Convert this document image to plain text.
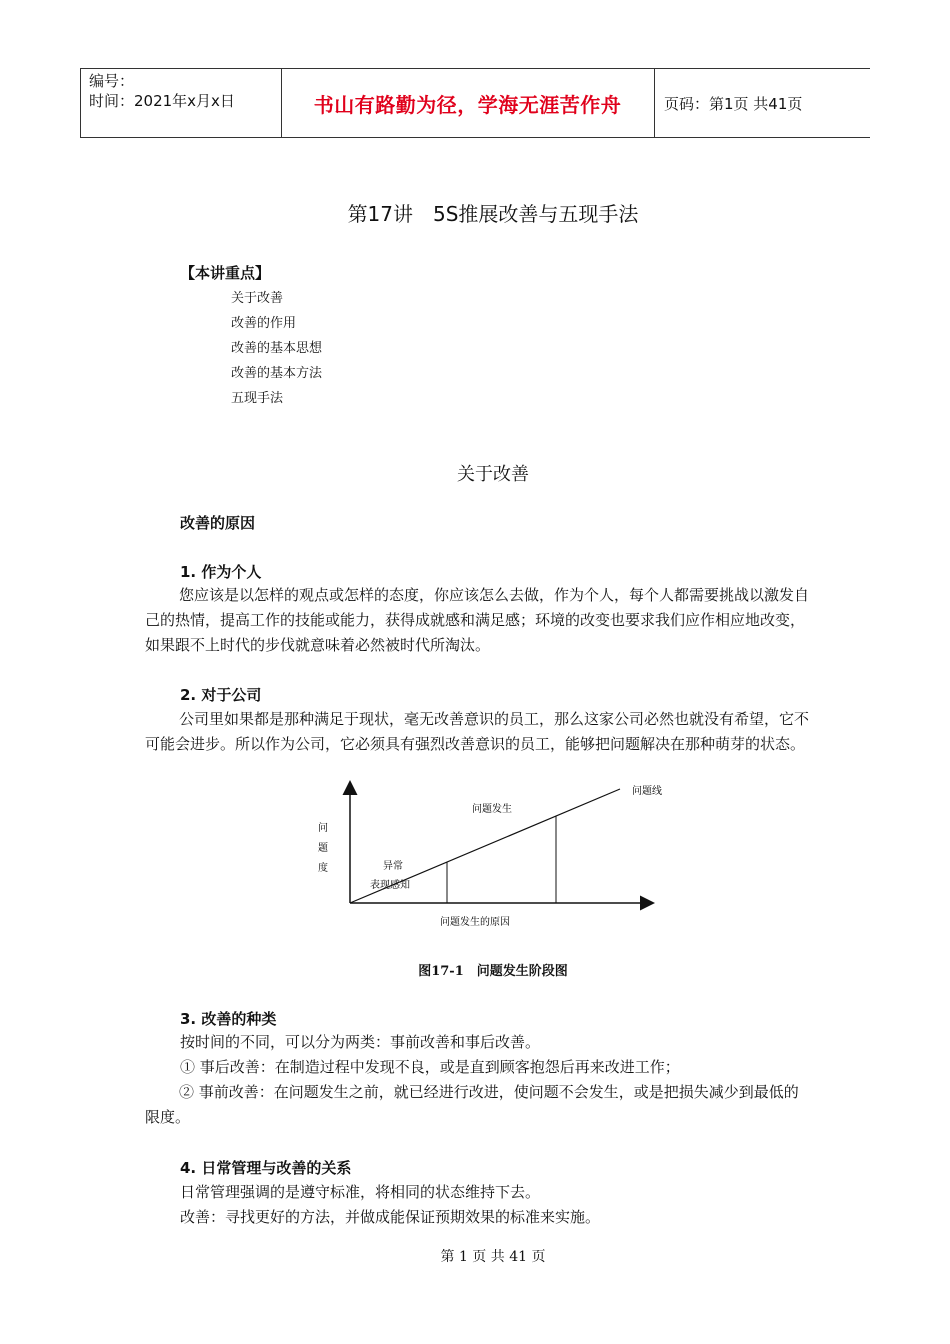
编号：
时间：2021年x月x日	书山有路勤为径，学海无涯苦作舟	页码：第1页 共41页
第17讲　5S推展改善与五现手法
【本讲重点】
关于改善
改善的作用
改善的基本思想
改善的基本方法
五现手法
关于改善
改善的原因
1. 作为个人

您应该是以怎样的观点或怎样的态度，你应该怎么去做，作为个人，每个人都需要挑战以激发自己的热情，提高工作的技能或能力，获得成就感和满足感；环境的改变也要求我们应作相应地改变，如果跟不上时代的步伐就意味着必然被时代所淘汰。

2. 对于公司

公司里如果都是那种满足于现状，毫无改善意识的员工，那么这家公司必然也就没有希望，它不可能会进步。所以作为公司，它必须具有强烈改善意识的员工，能够把问题解决在那种萌芽的状态。

问题线
问题发生
异常
表现感知
问题发生的原因
问
题
度
图17-1　问题发生阶段图
3. 改善的种类
按时间的不同，可以分为两类：事前改善和事后改善。
① 事后改善：在制造过程中发现不良，或是直到顾客抱怨后再来改进工作；

② 事前改善：在问题发生之前，就已经进行改进，使问题不会发生，或是把损失减少到最低的限度。

4. 日常管理与改善的关系
日常管理强调的是遵守标准，将相同的状态维持下去。
改善：寻找更好的方法，并做成能保证预期效果的标准来实施。
第 1 页 共 41 页
